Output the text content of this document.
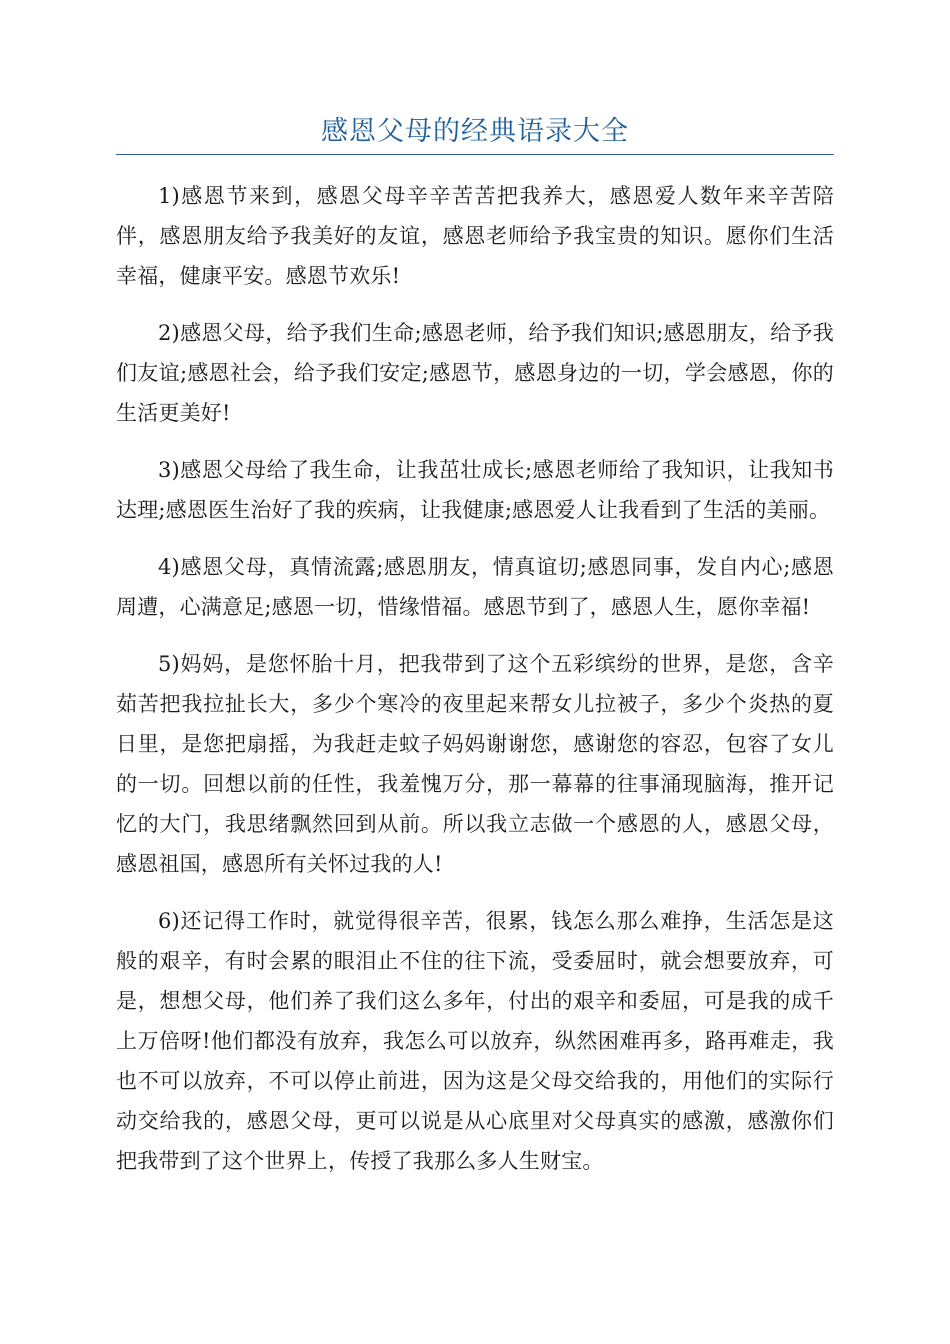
感恩父母的经典语录大全

1)感恩节来到，感恩父母辛辛苦苦把我养大，感恩爱人数年来辛苦陪伴，感恩朋友给予我美好的友谊，感恩老师给予我宝贵的知识。愿你们生活幸福，健康平安。感恩节欢乐!

2)感恩父母，给予我们生命;感恩老师，给予我们知识;感恩朋友，给予我们友谊;感恩社会，给予我们安定;感恩节，感恩身边的一切，学会感恩，你的生活更美好!

3)感恩父母给了我生命，让我茁壮成长;感恩老师给了我知识，让我知书达理;感恩医生治好了我的疾病，让我健康;感恩爱人让我看到了生活的美丽。

4)感恩父母，真情流露;感恩朋友，情真谊切;感恩同事，发自内心;感恩周遭，心满意足;感恩一切，惜缘惜福。感恩节到了，感恩人生，愿你幸福!

5)妈妈，是您怀胎十月，把我带到了这个五彩缤纷的世界，是您，含辛茹苦把我拉扯长大，多少个寒冷的夜里起来帮女儿拉被子，多少个炎热的夏日里，是您把扇摇，为我赶走蚊子妈妈谢谢您，感谢您的容忍，包容了女儿的一切。回想以前的任性，我羞愧万分，那一幕幕的往事涌现脑海，推开记忆的大门，我思绪飘然回到从前。所以我立志做一个感恩的人，感恩父母，感恩祖国，感恩所有关怀过我的人!

6)还记得工作时，就觉得很辛苦，很累，钱怎么那么难挣，生活怎是这般的艰辛，有时会累的眼泪止不住的往下流，受委屈时，就会想要放弃，可是，想想父母，他们养了我们这么多年，付出的艰辛和委屈，可是我的成千上万倍呀!他们都没有放弃，我怎么可以放弃，纵然困难再多，路再难走，我也不可以放弃，不可以停止前进，因为这是父母交给我的，用他们的实际行动交给我的，感恩父母，更可以说是从心底里对父母真实的感激，感激你们把我带到了这个世界上，传授了我那么多人生财宝。
